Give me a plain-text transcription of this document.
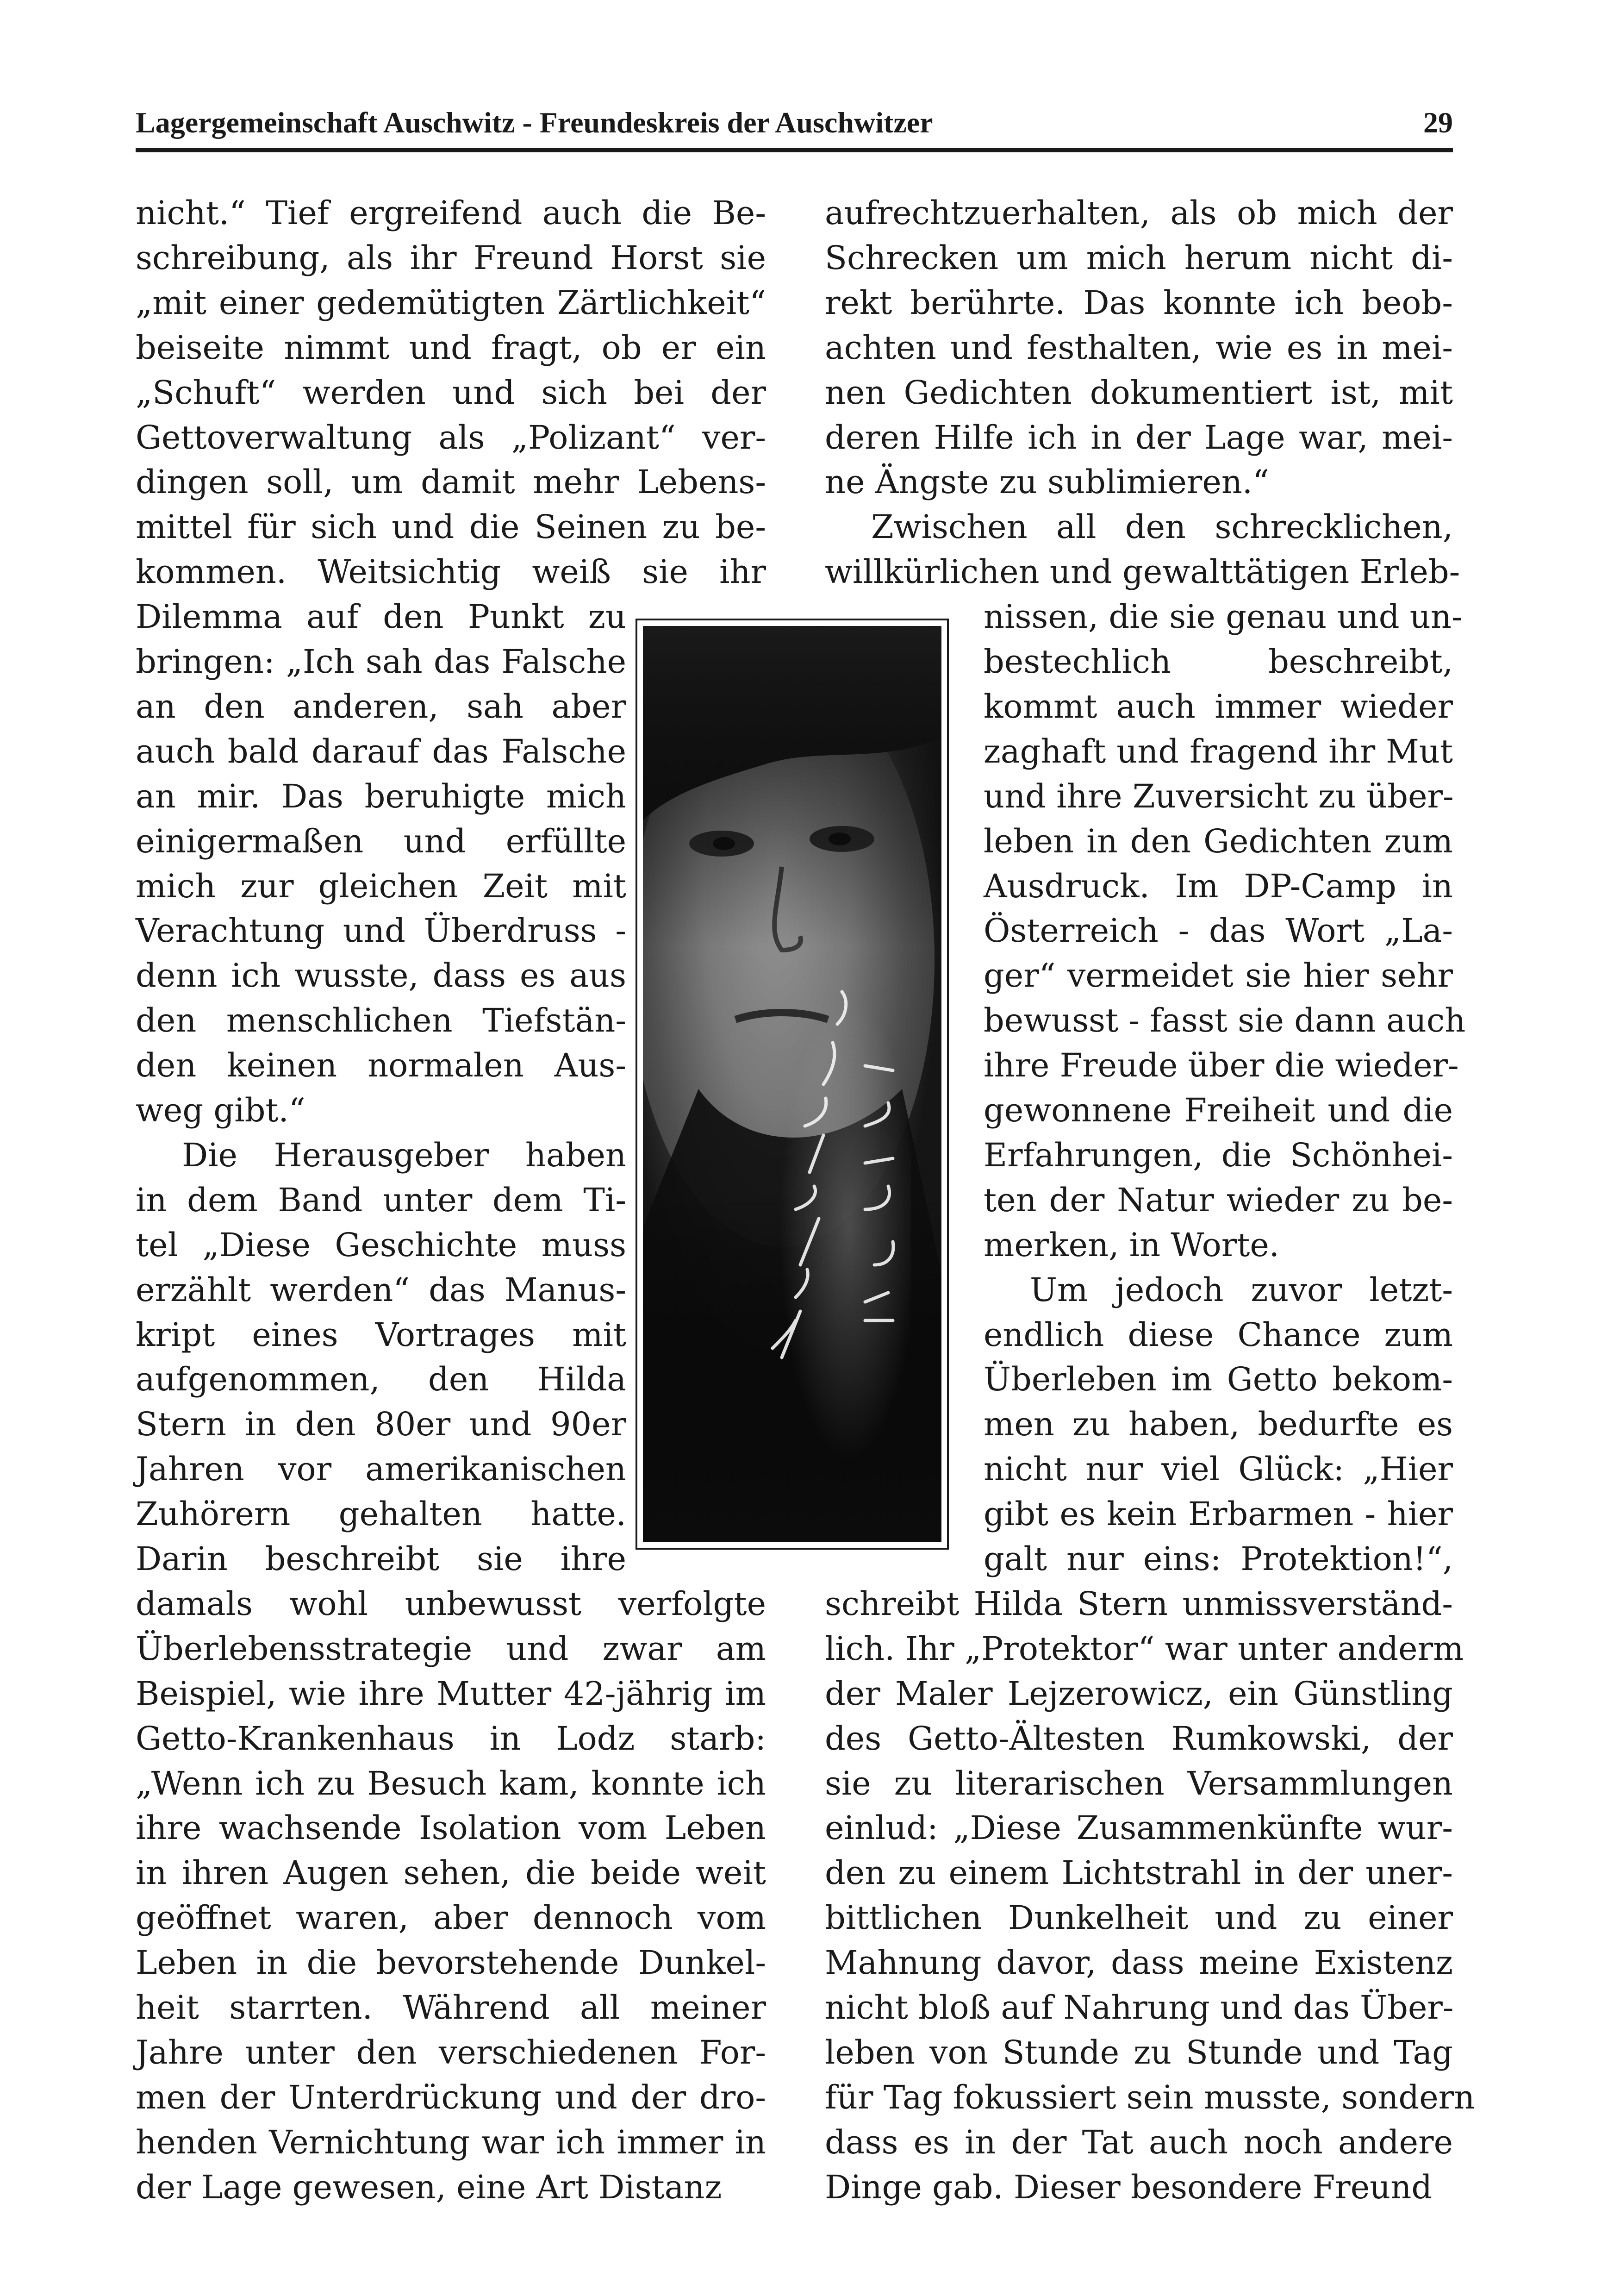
Lagergemeinschaft Auschwitz - Freundeskreis der Auschwitzer	29
nicht.“ Tief ergreifend auch die Be-
schreibung, als ihr Freund Horst sie
„mit einer gedemütigten Zärtlichkeit“
beiseite nimmt und fragt, ob er ein
„Schuft“ werden und sich bei der
Gettoverwaltung als „Polizant“ ver-
dingen soll, um damit mehr Lebens-
mittel für sich und die Seinen zu be-
kommen. Weitsichtig weiß sie ihr
Dilemma auf den Punkt zu
bringen: „Ich sah das Falsche
an den anderen, sah aber
auch bald darauf das Falsche
an mir. Das beruhigte mich
einigermaßen und erfüllte
mich zur gleichen Zeit mit
Verachtung und Überdruss -
denn ich wusste, dass es aus
den menschlichen Tiefstän-
den keinen normalen Aus-
weg gibt.“
Die Herausgeber haben
in dem Band unter dem Ti-
tel „Diese Geschichte muss
erzählt werden“ das Manus-
kript eines Vortrages mit
aufgenommen, den Hilda
Stern in den 80er und 90er
Jahren vor amerikanischen
Zuhörern gehalten hatte.
Darin beschreibt sie ihre
damals wohl unbewusst verfolgte
Überlebensstrategie und zwar am
Beispiel, wie ihre Mutter 42-jährig im
Getto-Krankenhaus in Lodz starb:
„Wenn ich zu Besuch kam, konnte ich
ihre wachsende Isolation vom Leben
in ihren Augen sehen, die beide weit
geöffnet waren, aber dennoch vom
Leben in die bevorstehende Dunkel-
heit starrten. Während all meiner
Jahre unter den verschiedenen For-
men der Unterdrückung und der dro-
henden Vernichtung war ich immer in
der Lage gewesen, eine Art Distanz
aufrechtzuerhalten, als ob mich der
Schrecken um mich herum nicht di-
rekt berührte. Das konnte ich beob-
achten und festhalten, wie es in mei-
nen Gedichten dokumentiert ist, mit
deren Hilfe ich in der Lage war, mei-
ne Ängste zu sublimieren.“
Zwischen all den schrecklichen,
willkürlichen und gewalttätigen Erleb-
nissen, die sie genau und un-
bestechlich beschreibt,
kommt auch immer wieder
zaghaft und fragend ihr Mut
und ihre Zuversicht zu über-
leben in den Gedichten zum
Ausdruck. Im DP-Camp in
Österreich - das Wort „La-
ger“ vermeidet sie hier sehr
bewusst - fasst sie dann auch
ihre Freude über die wieder-
gewonnene Freiheit und die
Erfahrungen, die Schönhei-
ten der Natur wieder zu be-
merken, in Worte.
Um jedoch zuvor letzt-
endlich diese Chance zum
Überleben im Getto bekom-
men zu haben, bedurfte es
nicht nur viel Glück: „Hier
gibt es kein Erbarmen - hier
galt nur eins: Protektion!“,
schreibt Hilda Stern unmissverständ-
lich. Ihr „Protektor“ war unter anderm
der Maler Lejzerowicz, ein Günstling
des Getto-Ältesten Rumkowski, der
sie zu literarischen Versammlungen
einlud: „Diese Zusammenkünfte wur-
den zu einem Lichtstrahl in der uner-
bittlichen Dunkelheit und zu einer
Mahnung davor, dass meine Existenz
nicht bloß auf Nahrung und das Über-
leben von Stunde zu Stunde und Tag
für Tag fokussiert sein musste, sondern
dass es in der Tat auch noch andere
Dinge gab. Dieser besondere Freund
